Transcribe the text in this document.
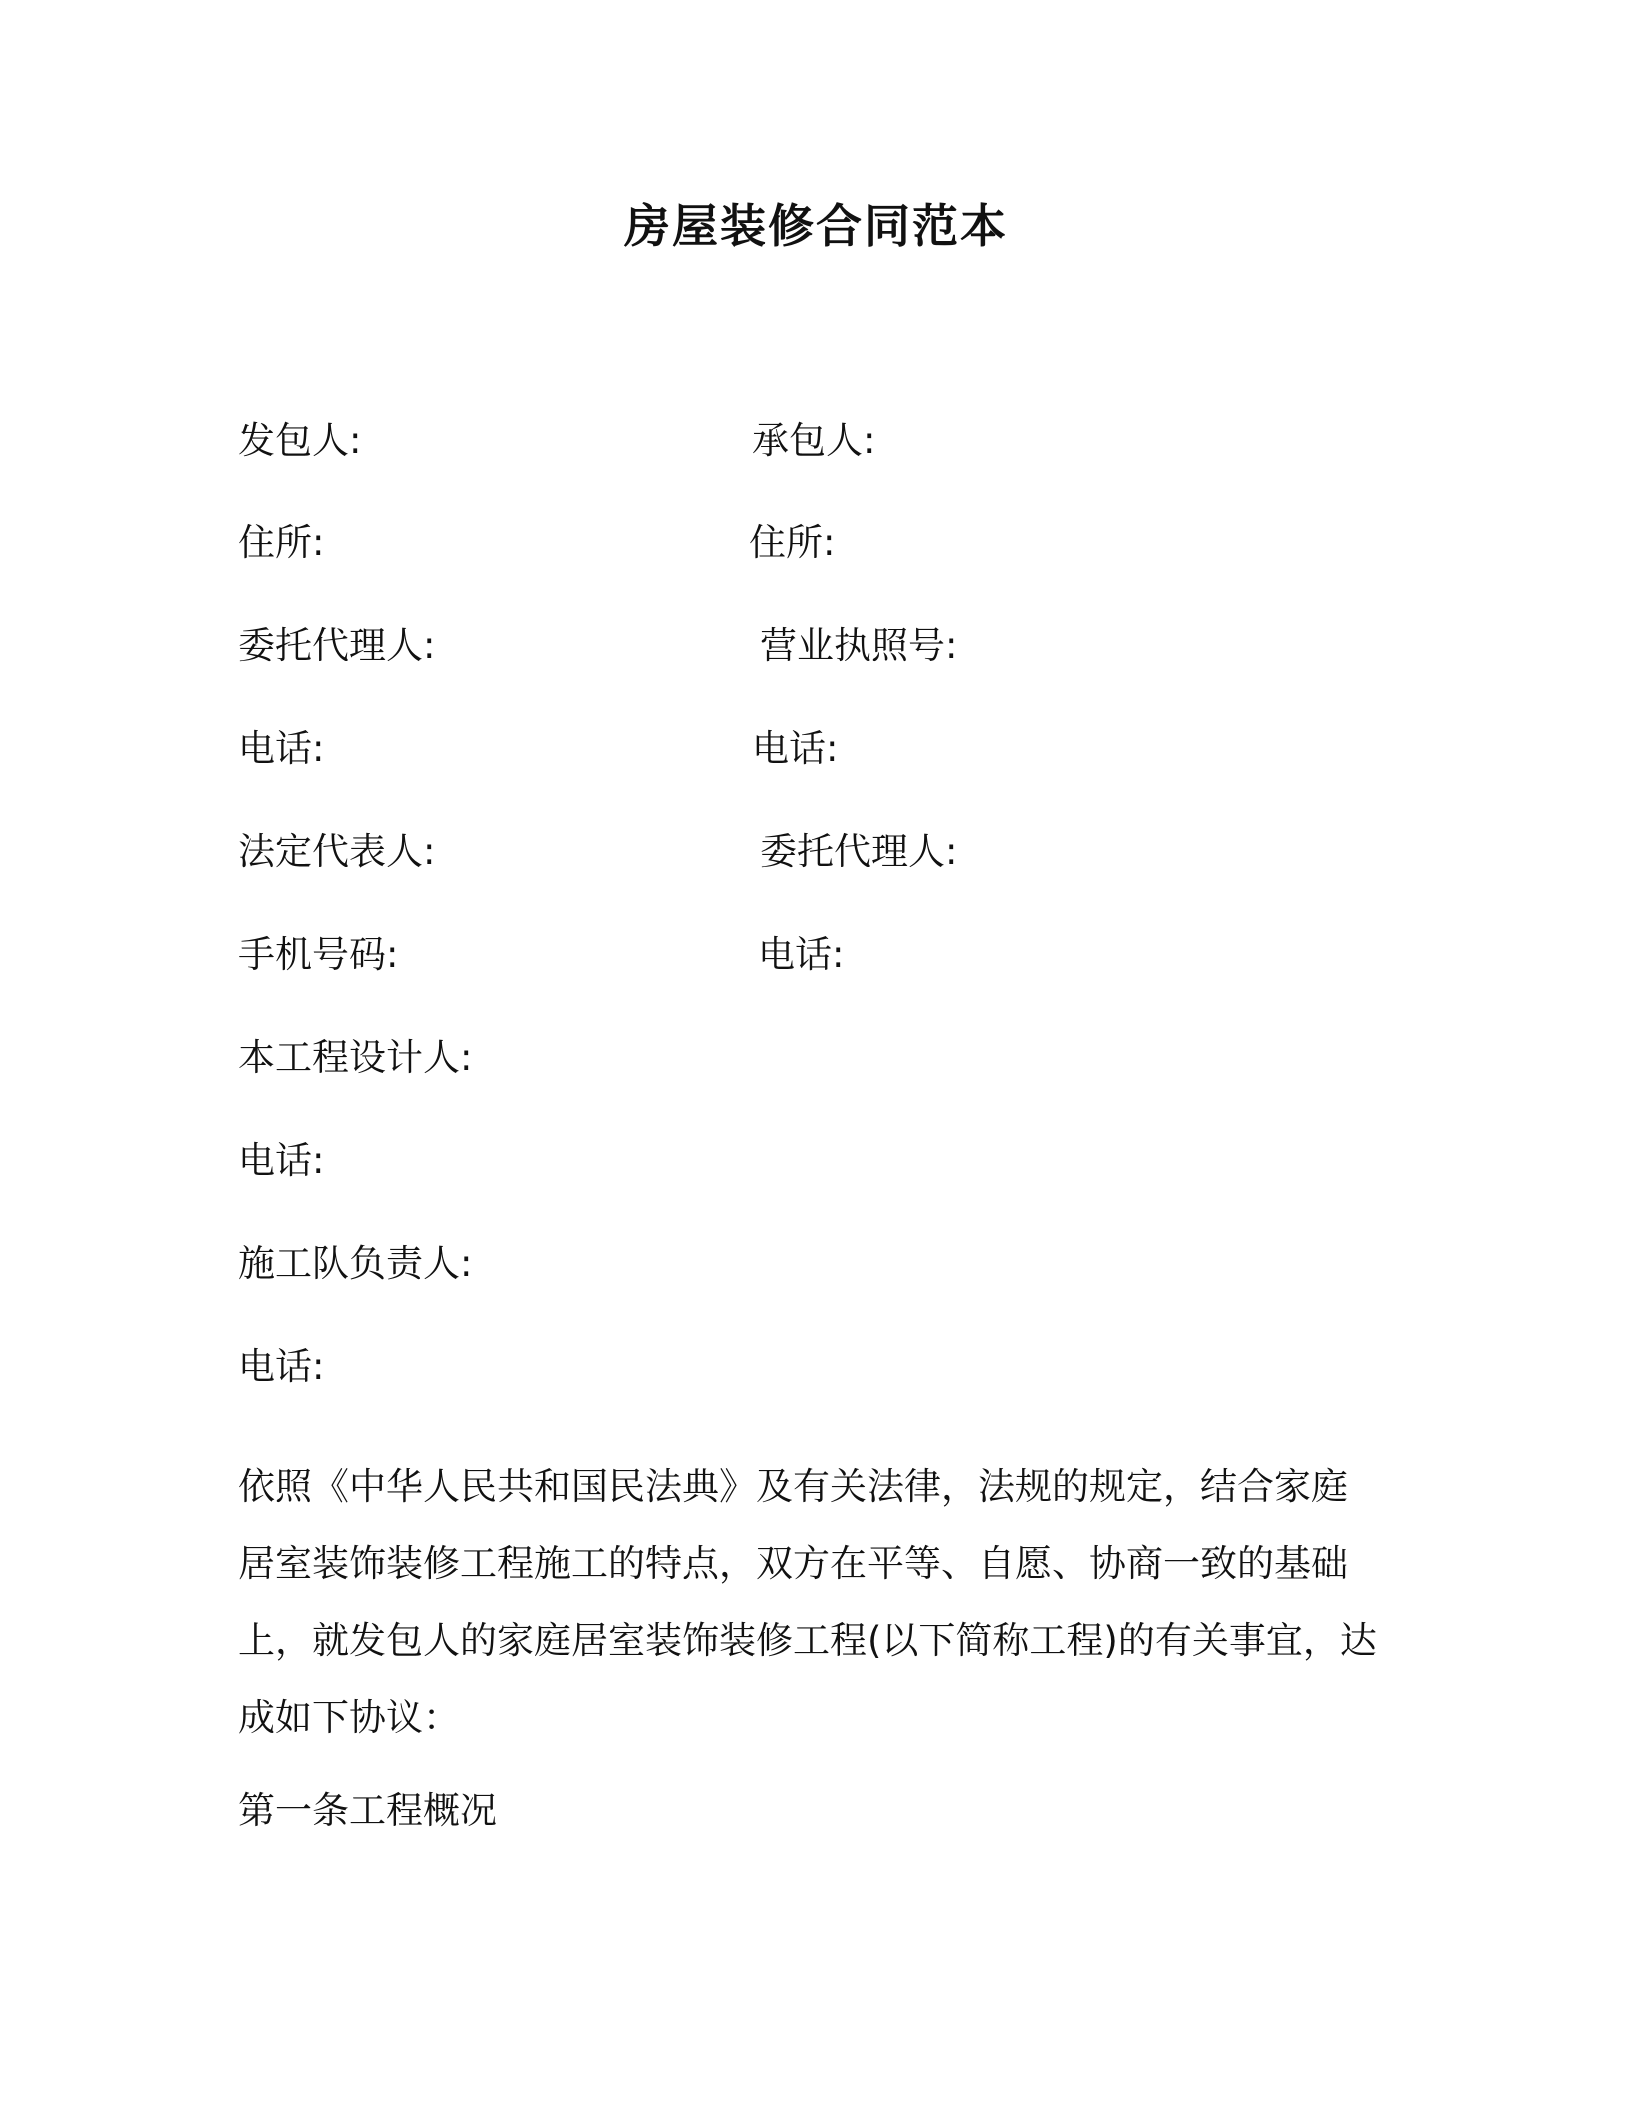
房屋装修合同范本
发包人:
住所:
委托代理人:
电话:
法定代表人:
手机号码:
本工程设计人:
电话:
施工队负责人:
电话:
承包人:
住所:
营业执照号:
电话:
委托代理人:
电话:

依照《中华人民共和国民法典》及有关法律，法规的规定，结合家庭
居室装饰装修工程施工的特点，双方在平等、自愿、协商一致的基础
上，就发包人的家庭居室装饰装修工程(以下简称工程)的有关事宜，达
成如下协议：

第一条工程概况
